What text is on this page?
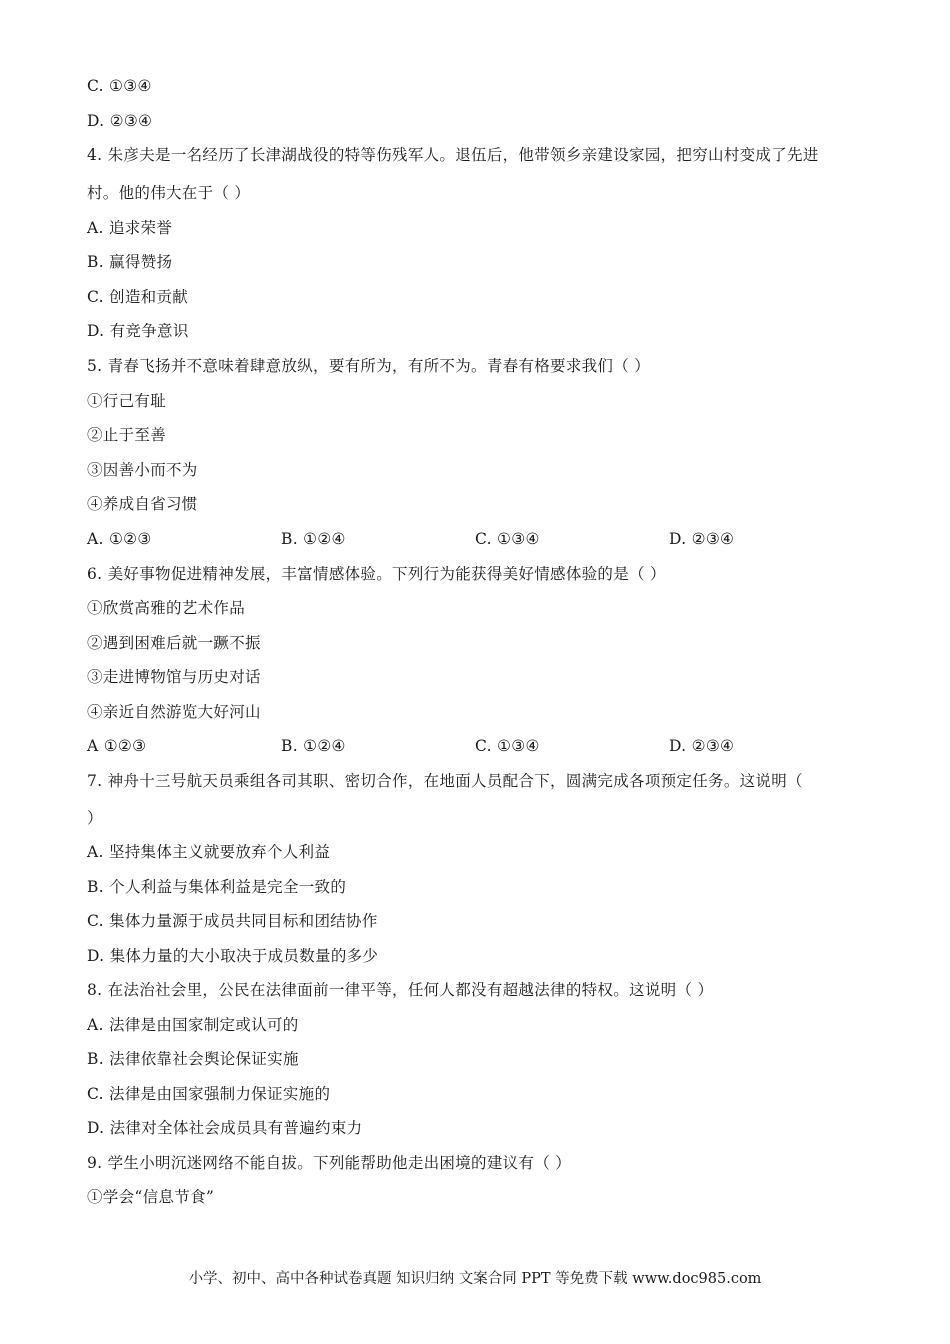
C. ①③④
D. ②③④
4. 朱彦夫是一名经历了长津湖战役的特等伤残军人。退伍后，他带领乡亲建设家园，把穷山村变成了先进
村。他的伟大在于（ ）
A. 追求荣誉
B. 赢得赞扬
C. 创造和贡献
D. 有竞争意识
5. 青春飞扬并不意味着肆意放纵，要有所为，有所不为。青春有格要求我们（ ）
①行己有耻
②止于至善
③因善小而不为
④养成自省习惯
A. ①②③	B. ①②④	C. ①③④	D. ②③④
6. 美好事物促进精神发展，丰富情感体验。下列行为能获得美好情感体验的是（ ）
①欣赏高雅的艺术作品
②遇到困难后就一蹶不振
③走进博物馆与历史对话
④亲近自然游览大好河山
A ①②③	B. ①②④	C. ①③④	D. ②③④
7. 神舟十三号航天员乘组各司其职、密切合作，在地面人员配合下，圆满完成各项预定任务。这说明（
）
A. 坚持集体主义就要放弃个人利益
B. 个人利益与集体利益是完全一致的
C. 集体力量源于成员共同目标和团结协作
D. 集体力量的大小取决于成员数量的多少
8. 在法治社会里，公民在法律面前一律平等，任何人都没有超越法律的特权。这说明（ ）
A. 法律是由国家制定或认可的
B. 法律依靠社会舆论保证实施
C. 法律是由国家强制力保证实施的
D. 法律对全体社会成员具有普遍约束力
9. 学生小明沉迷网络不能自拔。下列能帮助他走出困境的建议有（ ）
①学会“信息节食”
小学、初中、高中各种试卷真题 知识归纳 文案合同 PPT 等免费下载 www.doc985.com
